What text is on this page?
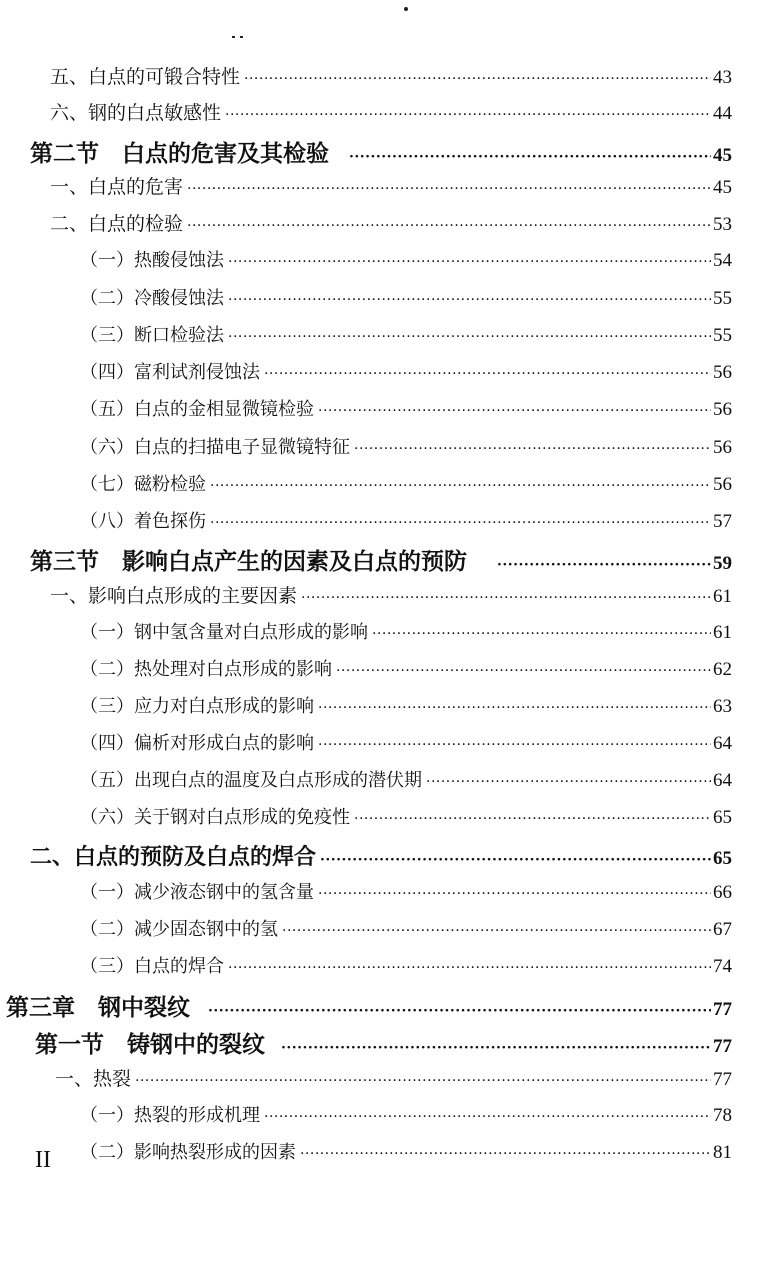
五、白点的可锻合特性 ·····	43
六、钢的白点敏感性 ·····	44
第二节　白点的危害及其检验 ·····	45
一、白点的危害 ·····	45
二、白点的检验 ·····	53
（一）热酸侵蚀法 ·····	54
（二）冷酸侵蚀法 ·····	55
（三）断口检验法 ·····	55
（四）富利试剂侵蚀法 ·····	56
（五）白点的金相显微镜检验 ·····	56
（六）白点的扫描电子显微镜特征 ·····	56
（七）磁粉检验 ·····	56
（八）着色探伤 ·····	57
第三节　影响白点产生的因素及白点的预防 ·····	59
一、影响白点形成的主要因素 ·····	61
（一）钢中氢含量对白点形成的影响 ·····	61
（二）热处理对白点形成的影响 ·····	62
（三）应力对白点形成的影响 ·····	63
（四）偏析对形成白点的影响 ·····	64
（五）出现白点的温度及白点形成的潜伏期 ·····	64
（六）关于钢对白点形成的免疫性 ·····	65
二、白点的预防及白点的焊合 ·····	65
（一）减少液态钢中的氢含量 ·····	66
（二）减少固态钢中的氢 ·····	67
（三）白点的焊合 ·····	74
第三章　钢中裂纹 ·····	77
第一节　铸钢中的裂纹 ·····	77
一、热裂 ·····	77
（一）热裂的形成机理 ·····	78
（二）影响热裂形成的因素 ·····	81
II
